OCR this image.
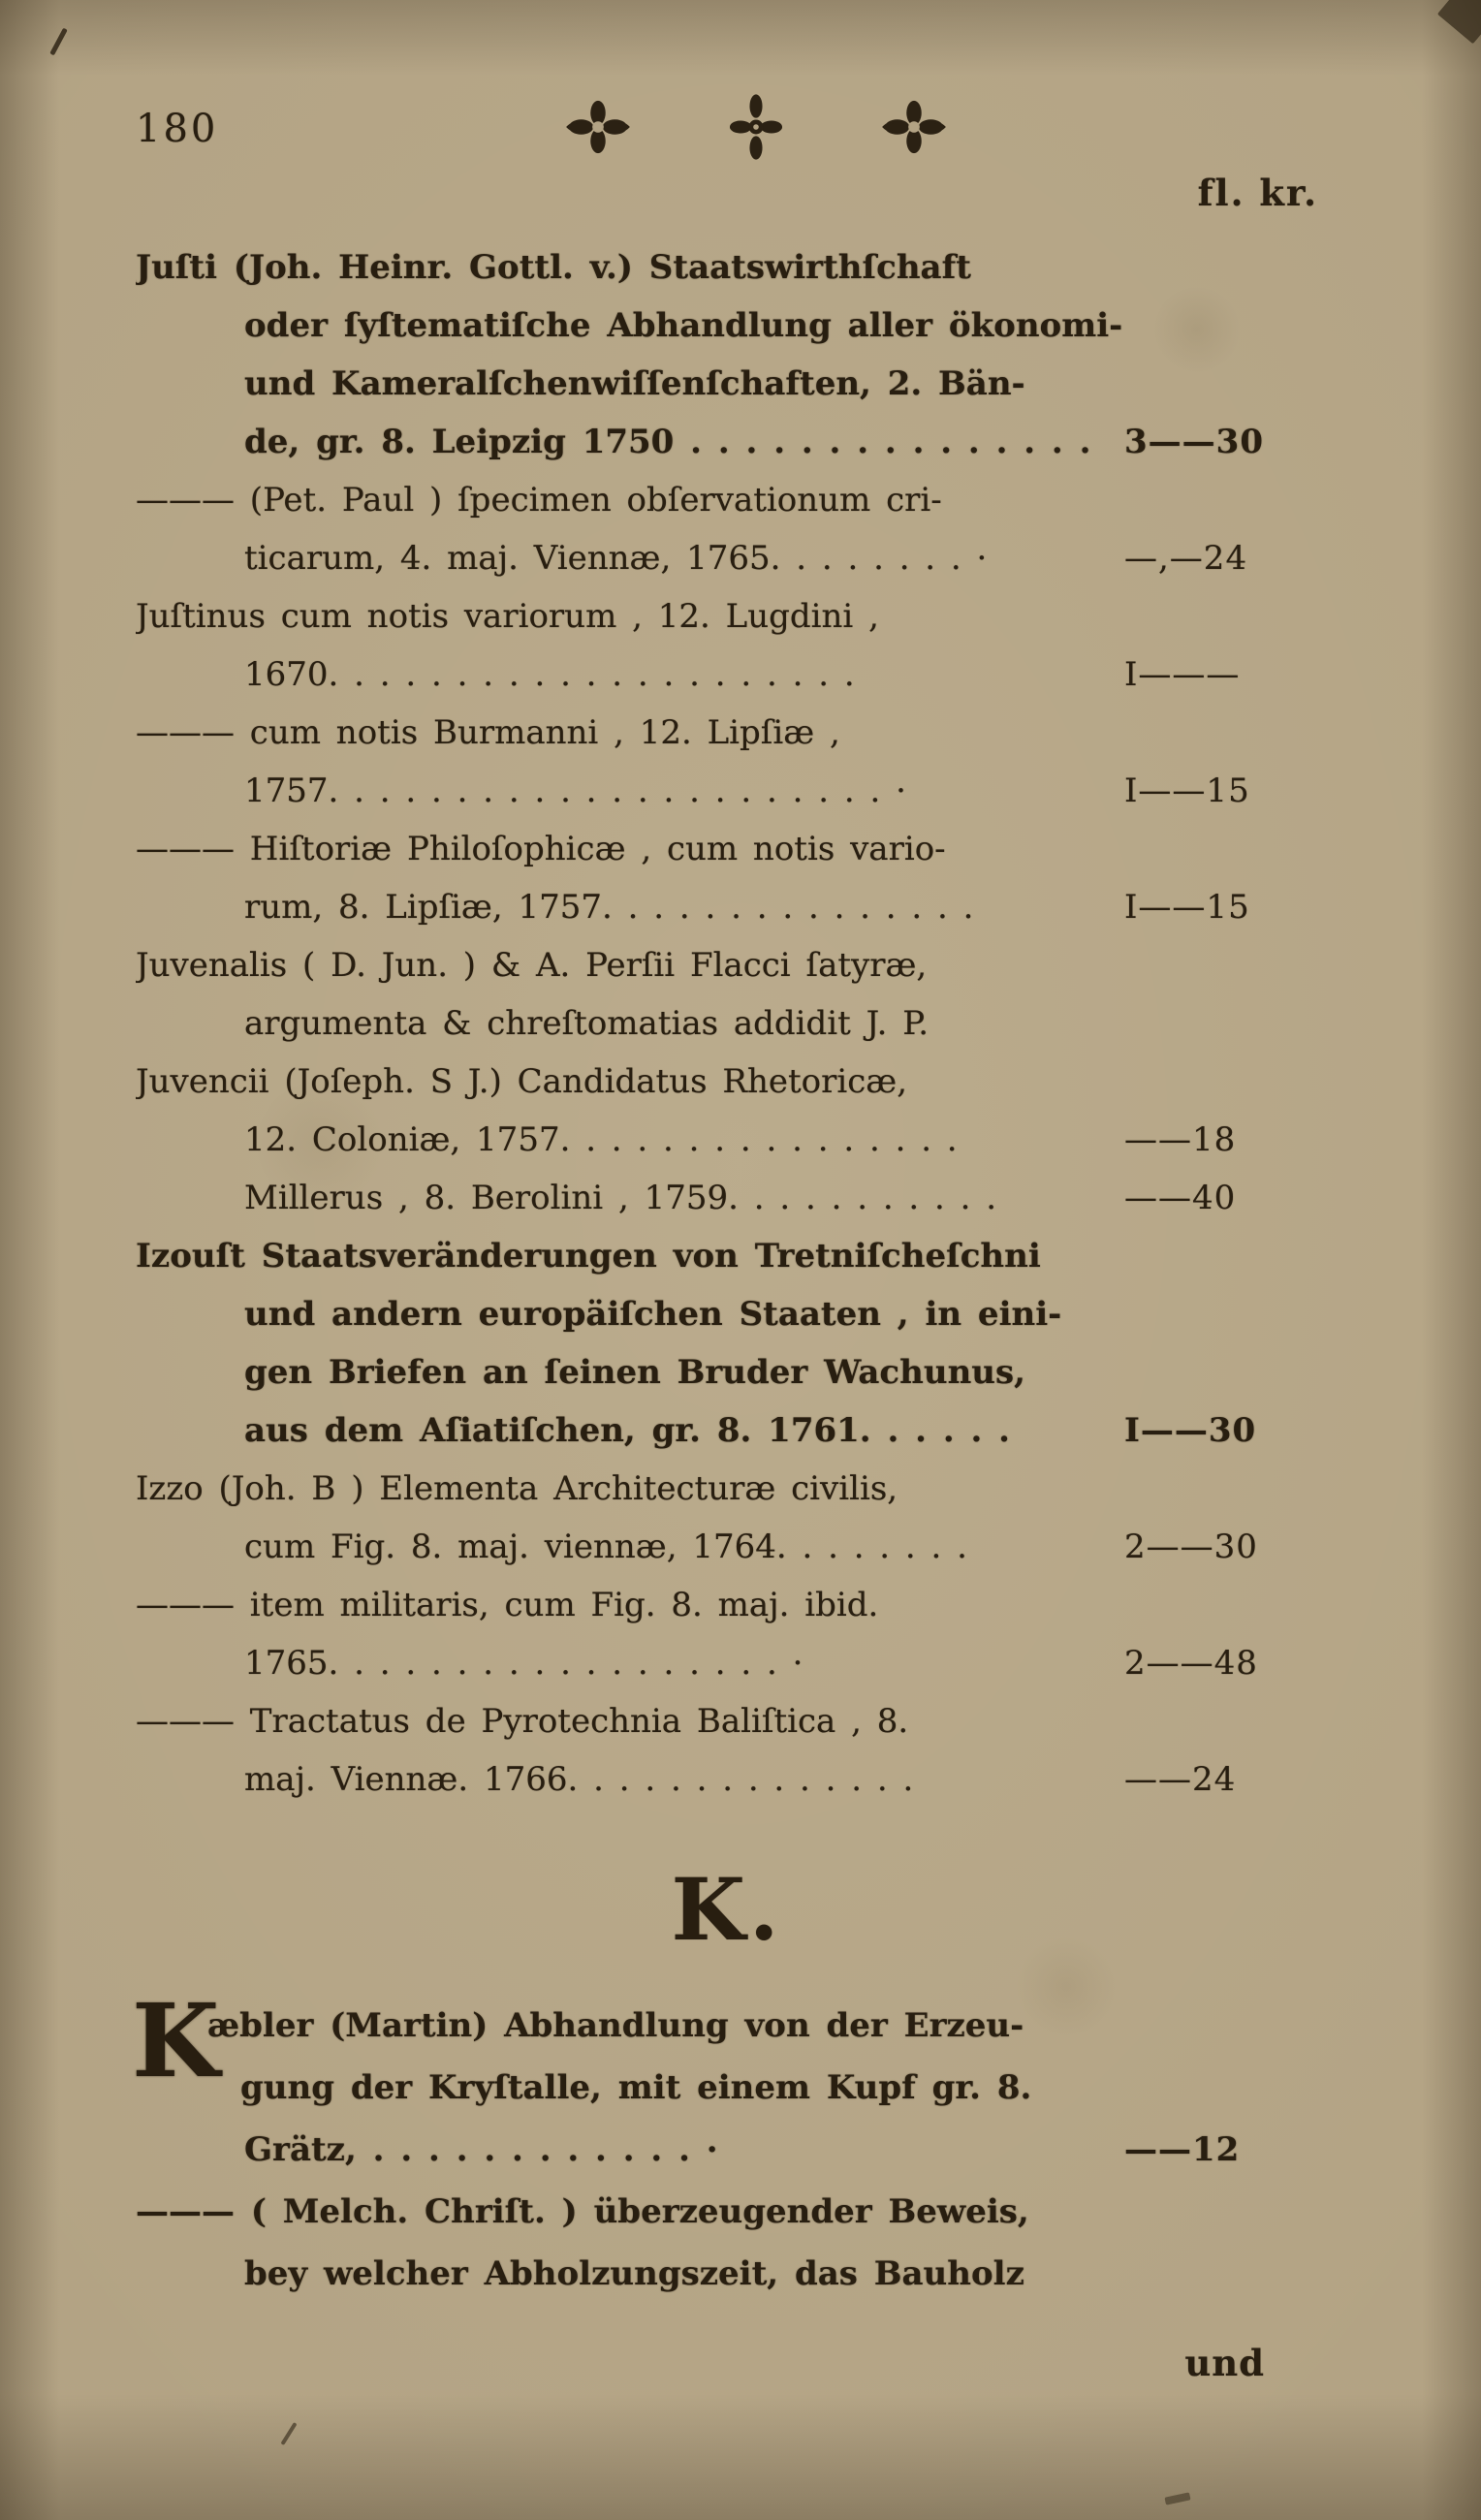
180
fl. kr.
Juſti (Joh. Heinr. Gottl. v.) Staatswirthſchaft
oder ſyſtematiſche Abhandlung aller ökonomi-
und Kameralſchenwiſſenſchaften, 2. Bän-
de, gr. 8. Leipzig 1750 . . . . . . . . . . . . . . . 3——30
——— (Pet. Paul ) ſpecimen obſervationum cri-
ticarum, 4. maj. Viennæ, 1765. . . . . . . . ·	—,—24
Juſtinus cum notis variorum , 12. Lugdini ,
1670. . . . . . . . . . . . . . . . . . . . .	I———
——— cum notis Burmanni , 12. Lipſiæ ,
1757. . . . . . . . . . . . . . . . . . . . . . ·	I——15
——— Hiſtoriæ Philoſophicæ , cum notis vario-
rum, 8. Lipſiæ, 1757. . . . . . . . . . . . . . .	I——15
Juvenalis ( D. Jun. ) & A. Perſii Flacci ſatyræ,
argumenta & chreſtomatias addidit J. P.
Juvencii (Joſeph. S J.) Candidatus Rhetoricæ,
12. Coloniæ, 1757. . . . . . . . . . . . . . . .	——18
Millerus , 8. Berolini , 1759. . . . . . . . . . .	——40
Izouſt Staatsveränderungen von Tretniſcheſchni
und andern europäiſchen Staaten , in eini-
gen Briefen an ſeinen Bruder Wachunus,
aus dem Aſiatiſchen, gr. 8. 1761. . . . . .	I——30
Izzo (Joh. B ) Elementa Architecturæ civilis,
cum Fig. 8. maj. viennæ, 1764. . . . . . . .	2——30
——— item militaris, cum Fig. 8. maj. ibid.
1765. . . . . . . . . . . . . . . . . . ·	2——48
——— Tractatus de Pyrotechnia Baliſtica , 8.
maj. Viennæ. 1766. . . . . . . . . . . . . .	——24
K.
K
æbler (Martin) Abhandlung von der Erzeu-
gung der Kryſtalle, mit einem Kupf gr. 8.
Grätz, . . . . . . . . . . . . ·	——12
——— ( Melch. Chriſt. ) überzeugender Beweis,
bey welcher Abholzungszeit, das Bauholz
und
